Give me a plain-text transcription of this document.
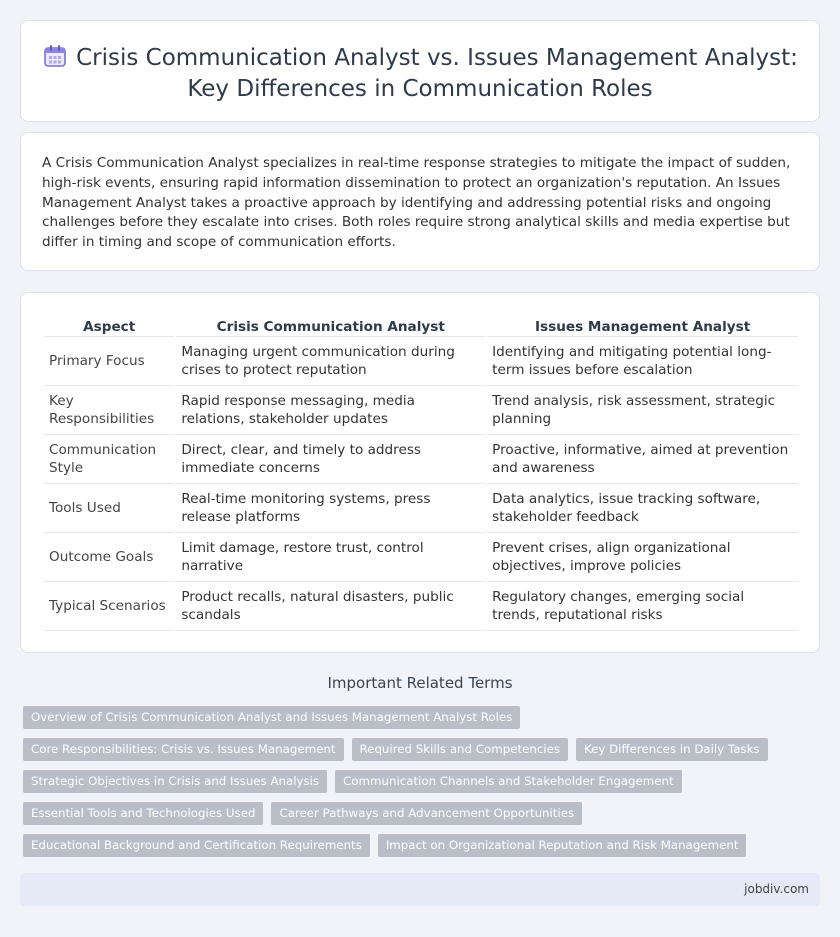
Crisis Communication Analyst vs. Issues Management Analyst: Key Differences in Communication Roles

A Crisis Communication Analyst specializes in real-time response strategies to mitigate the impact of sudden, high-risk events, ensuring rapid information dissemination to protect an organization's reputation. An Issues Management Analyst takes a proactive approach by identifying and addressing potential risks and ongoing challenges before they escalate into crises. Both roles require strong analytical skills and media expertise but differ in timing and scope of communication efforts.

Aspect	Crisis Communication Analyst	Issues Management Analyst
Primary Focus	Managing urgent communication during crises to protect reputation	Identifying and mitigating potential long-term issues before escalation
Key Responsibilities	Rapid response messaging, media relations, stakeholder updates	Trend analysis, risk assessment, strategic planning
Communication Style	Direct, clear, and timely to address immediate concerns	Proactive, informative, aimed at prevention and awareness
Tools Used	Real-time monitoring systems, press release platforms	Data analytics, issue tracking software, stakeholder feedback
Outcome Goals	Limit damage, restore trust, control narrative	Prevent crises, align organizational objectives, improve policies
Typical Scenarios	Product recalls, natural disasters, public scandals	Regulatory changes, emerging social trends, reputational risks
Important Related Terms
Overview of Crisis Communication Analyst and Issues Management Analyst Roles
Core Responsibilities: Crisis vs. Issues Management	Required Skills and Competencies	Key Differences in Daily Tasks
Strategic Objectives in Crisis and Issues Analysis	Communication Channels and Stakeholder Engagement
Essential Tools and Technologies Used	Career Pathways and Advancement Opportunities
Educational Background and Certification Requirements	Impact on Organizational Reputation and Risk Management
jobdiv.com
